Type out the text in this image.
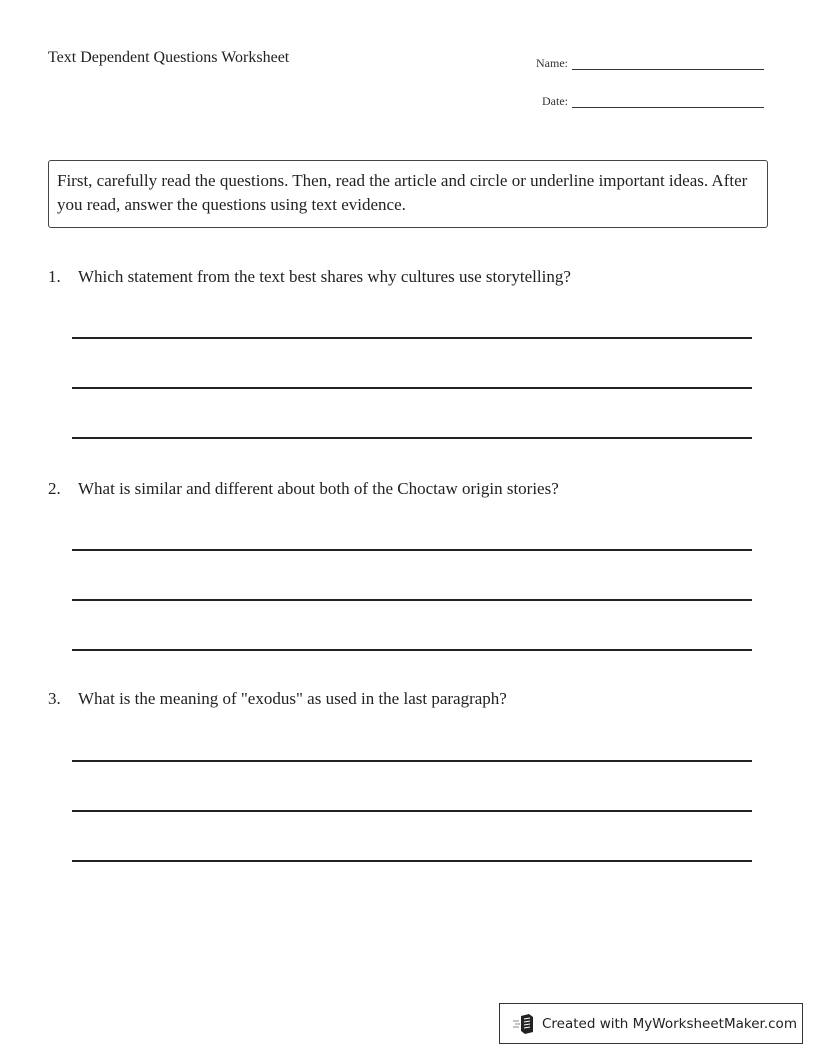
Text Dependent Questions Worksheet	Name:
Date:
First, carefully read the questions. Then, read the article and circle or underline important ideas. After you read, answer the questions using text evidence.
1.	Which statement from the text best shares why cultures use storytelling?
2.	What is similar and different about both of the Choctaw origin stories?
3.	What is the meaning of "exodus" as used in the last paragraph?
Created with MyWorksheetMaker.com
